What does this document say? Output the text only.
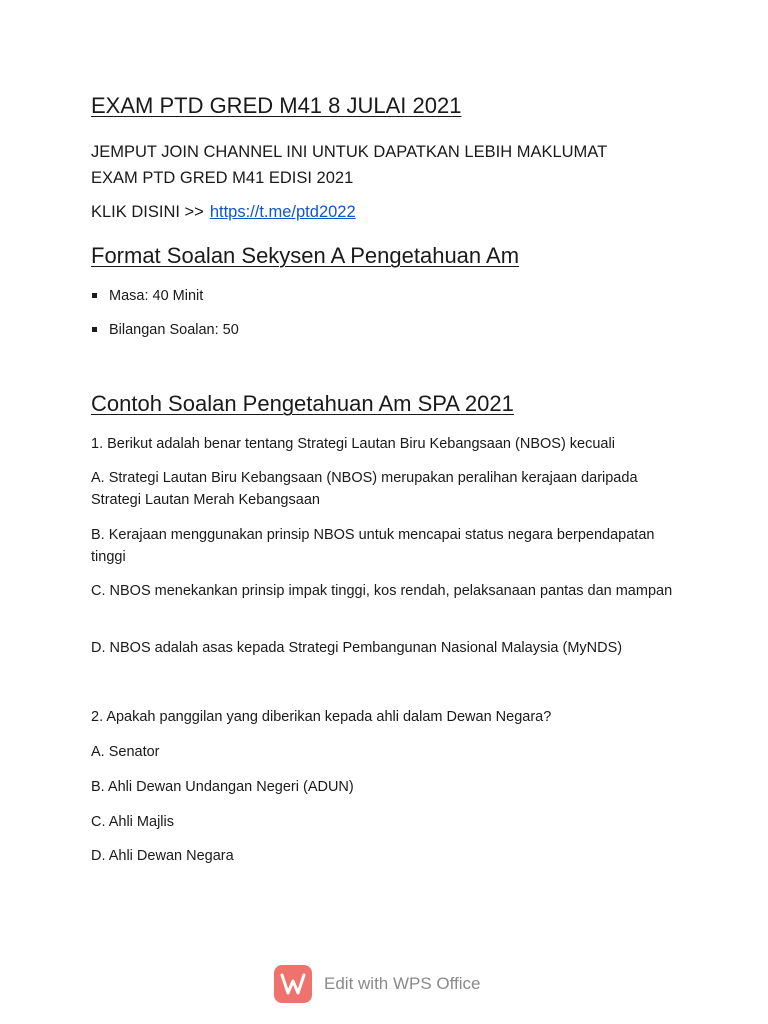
EXAM PTD GRED M41 8 JULAI 2021
JEMPUT JOIN CHANNEL INI UNTUK DAPATKAN LEBIH MAKLUMAT
EXAM PTD GRED M41 EDISI 2021
KLIK DISINI >> https://t.me/ptd2022
Format Soalan Sekysen A Pengetahuan Am
Masa: 40 Minit
Bilangan Soalan: 50
Contoh Soalan Pengetahuan Am SPA 2021
1. Berikut adalah benar tentang Strategi Lautan Biru Kebangsaan (NBOS) kecuali
A. Strategi Lautan Biru Kebangsaan (NBOS) merupakan peralihan kerajaan daripada Strategi Lautan Merah Kebangsaan
B. Kerajaan menggunakan prinsip NBOS untuk mencapai status negara berpendapatan tinggi
C. NBOS menekankan prinsip impak tinggi, kos rendah, pelaksanaan pantas dan mampan
D. NBOS adalah asas kepada Strategi Pembangunan Nasional Malaysia (MyNDS)
2. Apakah panggilan yang diberikan kepada ahli dalam Dewan Negara?
A. Senator
B. Ahli Dewan Undangan Negeri (ADUN)
C. Ahli Majlis
D. Ahli Dewan Negara
Edit with WPS Office
